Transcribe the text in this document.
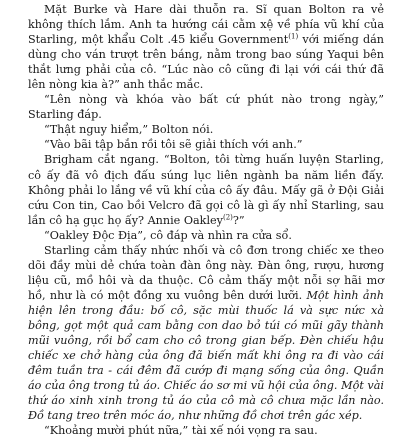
Mặt Burke và Hare dài thuỗn ra. Sĩ quan Bolton ra vẻ không thích lắm. Anh ta hướng cái cằm xệ về phía vũ khí của Starling, một khẩu Colt .45 kiểu Government$^{(1)}$ với miếng dán dùng cho ván trượt trên báng, nằm trong bao súng Yaqui bên thắt lưng phải của cô. “Lúc nào cô cũng đi lại với cái thứ đã lên nòng kia à?” anh thắc mắc.

“Lên nòng và khóa vào bất cứ phút nào trong ngày,” Starling đáp.

“Thật nguy hiểm,” Bolton nói.

“Vào bãi tập bắn rồi tôi sẽ giải thích với anh.”

Brigham cắt ngang. “Bolton, tôi từng huấn luyện Starling, cô ấy đã vô địch đấu súng lục liên ngành ba năm liền đấy. Không phải lo lắng về vũ khí của cô ấy đâu. Mấy gã ở Đội Giải cứu Con tin, Cao bồi Velcro đã gọi cô là gì ấy nhỉ Starling, sau lần cô hạ gục họ ấy? Annie Oakley$^{(2)}$?”

“Oakley Độc Địa”, cô đáp và nhìn ra cửa sổ.

Starling cảm thấy nhức nhối và cô đơn trong chiếc xe theo dõi đầy mùi dẻ chứa toàn đàn ông này. Đàn ông, rượu, hương liệu cũ, mồ hôi và da thuộc. Cô cảm thấy một nỗi sợ hãi mơ hồ, như là có một đồng xu vuông bên dưới lưỡi. Một hình ảnh hiện lên trong đầu: bố cô, sặc mùi thuốc lá và sực nức xà bông, gọt một quả cam bằng con dao bỏ túi có mũi gãy thành mũi vuông, rồi bổ cam cho cô trong gian bếp. Đèn chiếu hậu chiếc xe chở hàng của ông đã biến mất khi ông ra đi vào cái đêm tuần tra - cái đêm đã cướp đi mạng sống của ông. Quần áo của ông trong tủ áo. Chiếc áo sơ mi vũ hội của ông. Một vài thứ áo xinh xinh trong tủ áo của cô mà cô chưa mặc lần nào. Đồ tang treo trên móc áo, như những đồ chơi trên gác xép.

“Khoảng mười phút nữa,” tài xế nói vọng ra sau.
